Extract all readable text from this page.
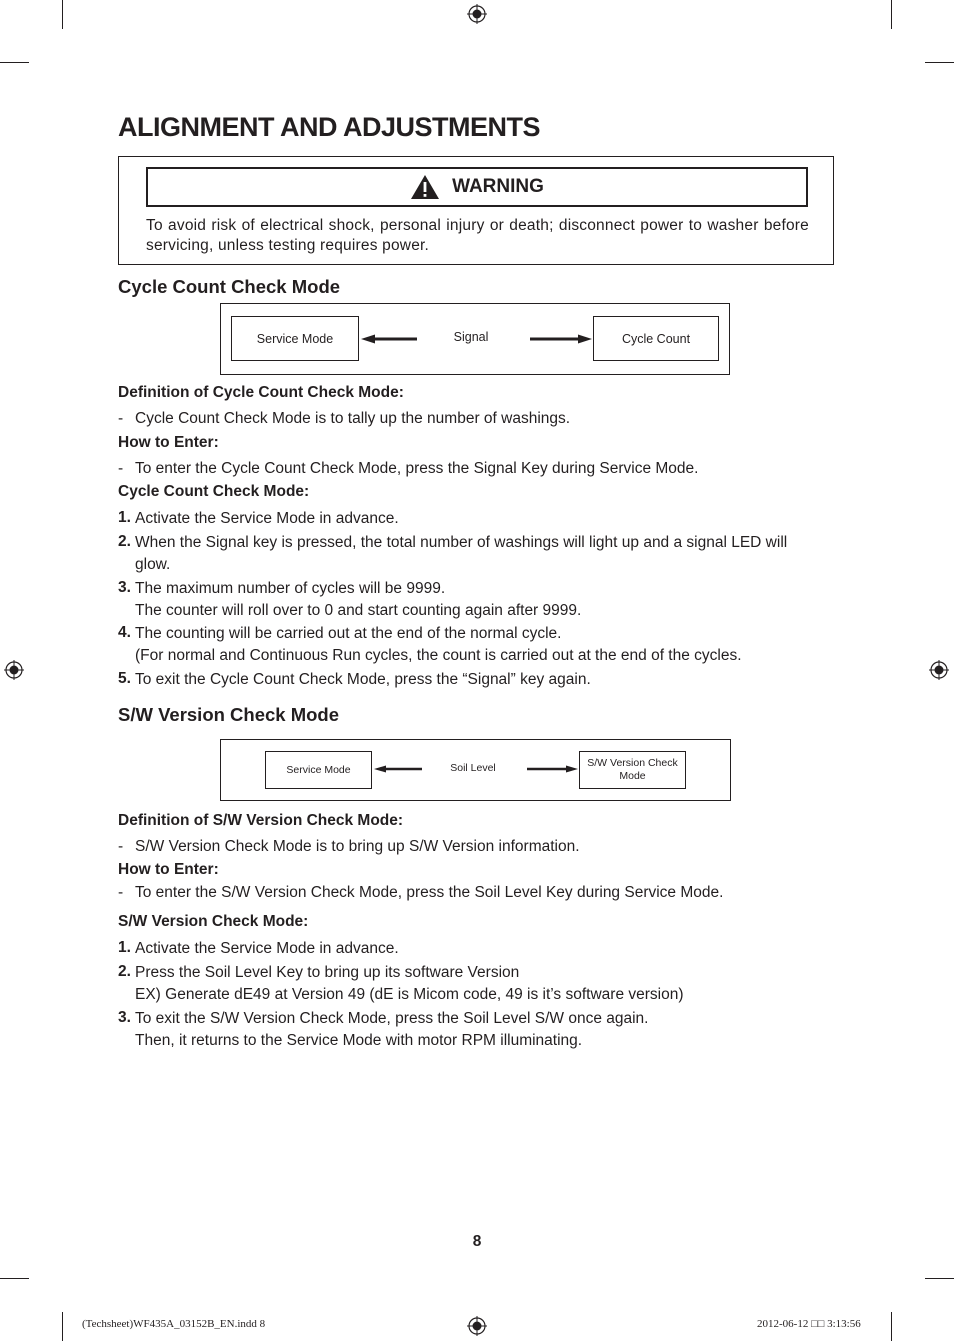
ALIGNMENT AND ADJUSTMENTS
WARNING
To avoid risk of electrical shock, personal injury or death; disconnect power to washer before servicing, unless testing requires power.
Cycle Count Check Mode
Service Mode	Signal	Cycle Count
Definition of Cycle Count Check Mode:
- Cycle Count Check Mode is to tally up the number of washings.
How to Enter:
- To enter the Cycle Count Check Mode, press the Signal Key during Service Mode.
Cycle Count Check Mode:
1. Activate the Service Mode in advance.
2. When the Signal key is pressed, the total number of washings will light up and a signal LED will
glow.
3. The maximum number of cycles will be 9999.
The counter will roll over to 0 and start counting again after 9999.
4. The counting will be carried out at the end of the normal cycle.
(For normal and Continuous Run cycles, the count is carried out at the end of the cycles.
5. To exit the Cycle Count Check Mode, press the “Signal” key again.
S/W Version Check Mode
Service Mode	Soil Level	S/W Version Check Mode
Definition of S/W Version Check Mode:
- S/W Version Check Mode is to bring up S/W Version information.
How to Enter:
- To enter the S/W Version Check Mode, press the Soil Level Key during Service Mode.
S/W Version Check Mode:
1. Activate the Service Mode in advance.
2. Press the Soil Level Key to bring up its software Version
EX) Generate dE49 at Version 49 (dE is Micom code, 49 is it’s software version)
3. To exit the S/W Version Check Mode, press the Soil Level S/W once again.
Then, it returns to the Service Mode with motor RPM illuminating.
8
(Techsheet)WF435A_03152B_EN.indd 8	2012-06-12 □□ 3:13:56
